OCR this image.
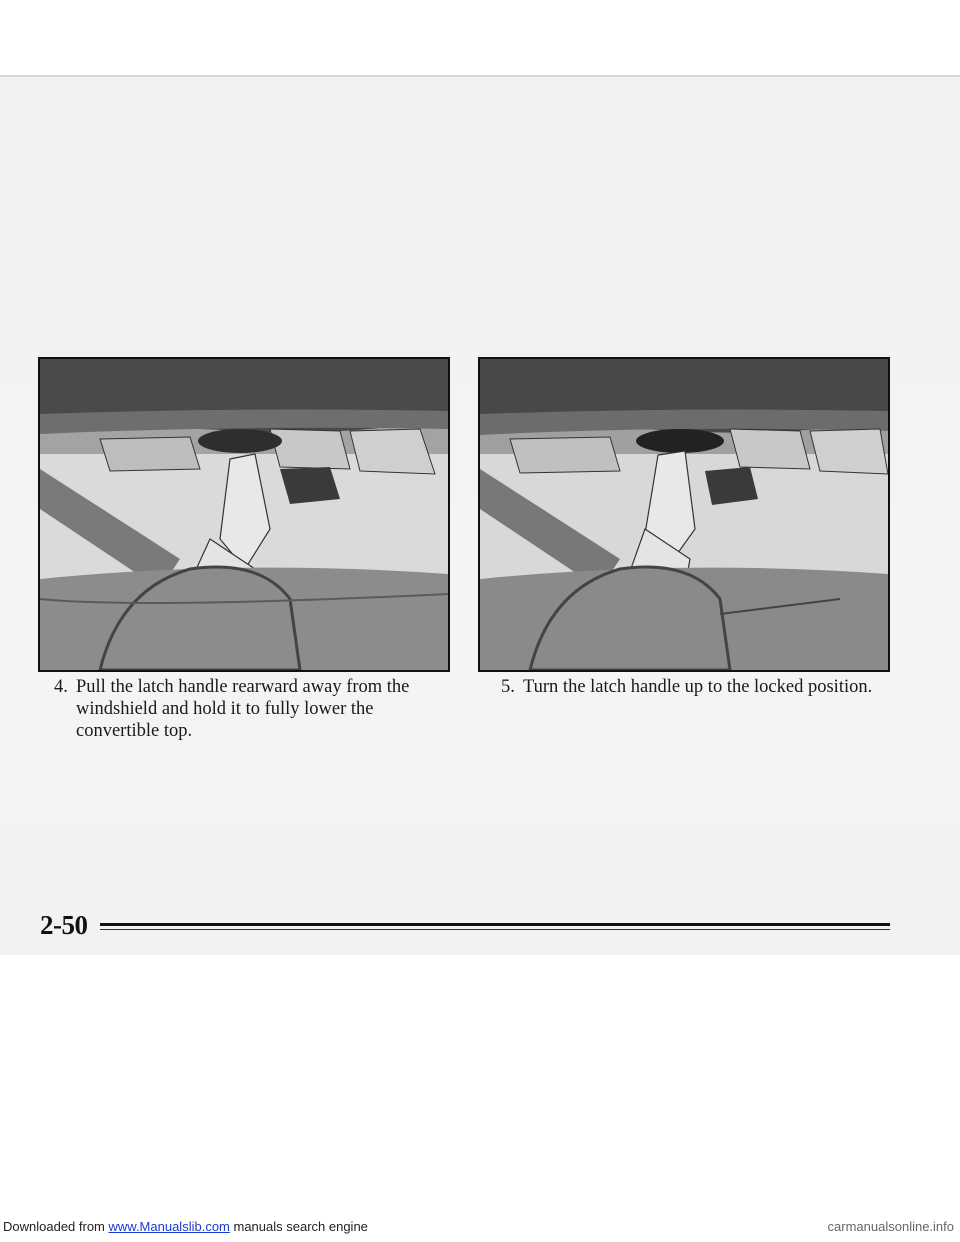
4. Pull the latch handle rearward away from the windshield and hold it to fully lower the convertible top.
5. Turn the latch handle up to the locked position.
2-50
Downloaded from www.Manualslib.com manuals search engine	carmanualsonline.info
